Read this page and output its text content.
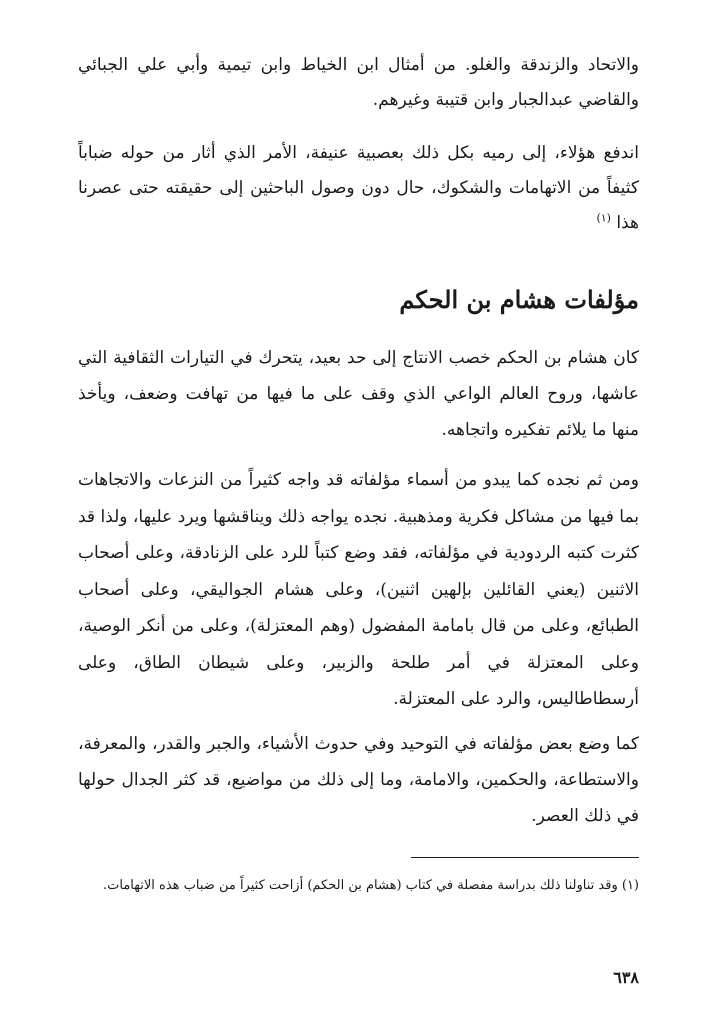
والاتحاد والزندقة والغلو. من أمثال ابن الخياط وابن تيمية وأبي علي الجبائي والقاضي عبدالجبار وابن قتيبة وغيرهم.

اندفع هؤلاء، إلى رميه بكل ذلك بعصبية عنيفة، الأمر الذي أثار من حوله ضباباً كثيفاً من الاتهامات والشكوك، حال دون وصول الباحثين إلى حقيقته حتى عصرنا هذا $^{(١)}$

مؤلفات هشام بن الحكم

كان هشام بن الحكم خصب الانتاج إلى حد بعيد، يتحرك في التيارات الثقافية التي عاشها، وروح العالم الواعي الذي وقف على ما فيها من تهافت وضعف، ويأخذ منها ما يلائم تفكيره واتجاهه.

ومن ثم نجده كما يبدو من أسماء مؤلفاته قد واجه كثيراً من النزعات والاتجاهات بما فيها من مشاكل فكرية ومذهبية. نجده يواجه ذلك ويناقشها ويرد عليها، ولذا قد كثرت كتبه الردودية في مؤلفاته، فقد وضع كتباً للرد على الزنادقة، وعلى أصحاب الاثنين (يعني القائلين بإلهين اثنين)، وعلى هشام الجواليقي، وعلى أصحاب الطبائع، وعلى من قال بامامة المفضول (وهم المعتزلة)، وعلى من أنكر الوصية، وعلى المعتزلة في أمر طلحة والزبير، وعلى شيطان الطاق، وعلى أرسطاطاليس، والرد على المعتزلة.

كما وضع بعض مؤلفاته في التوحيد وفي حدوث الأشياء، والجبر والقدر، والمعرفة، والاستطاعة، والحكمين، والامامة، وما إلى ذلك من مواضيع، قد كثر الجدال حولها في ذلك العصر.

(١) وقد تناولنا ذلك بدراسة مفصلة في كتاب (هشام بن الحكم) أزاحت كثيراً من ضباب هذه الاتهامات.

٦٣٨
